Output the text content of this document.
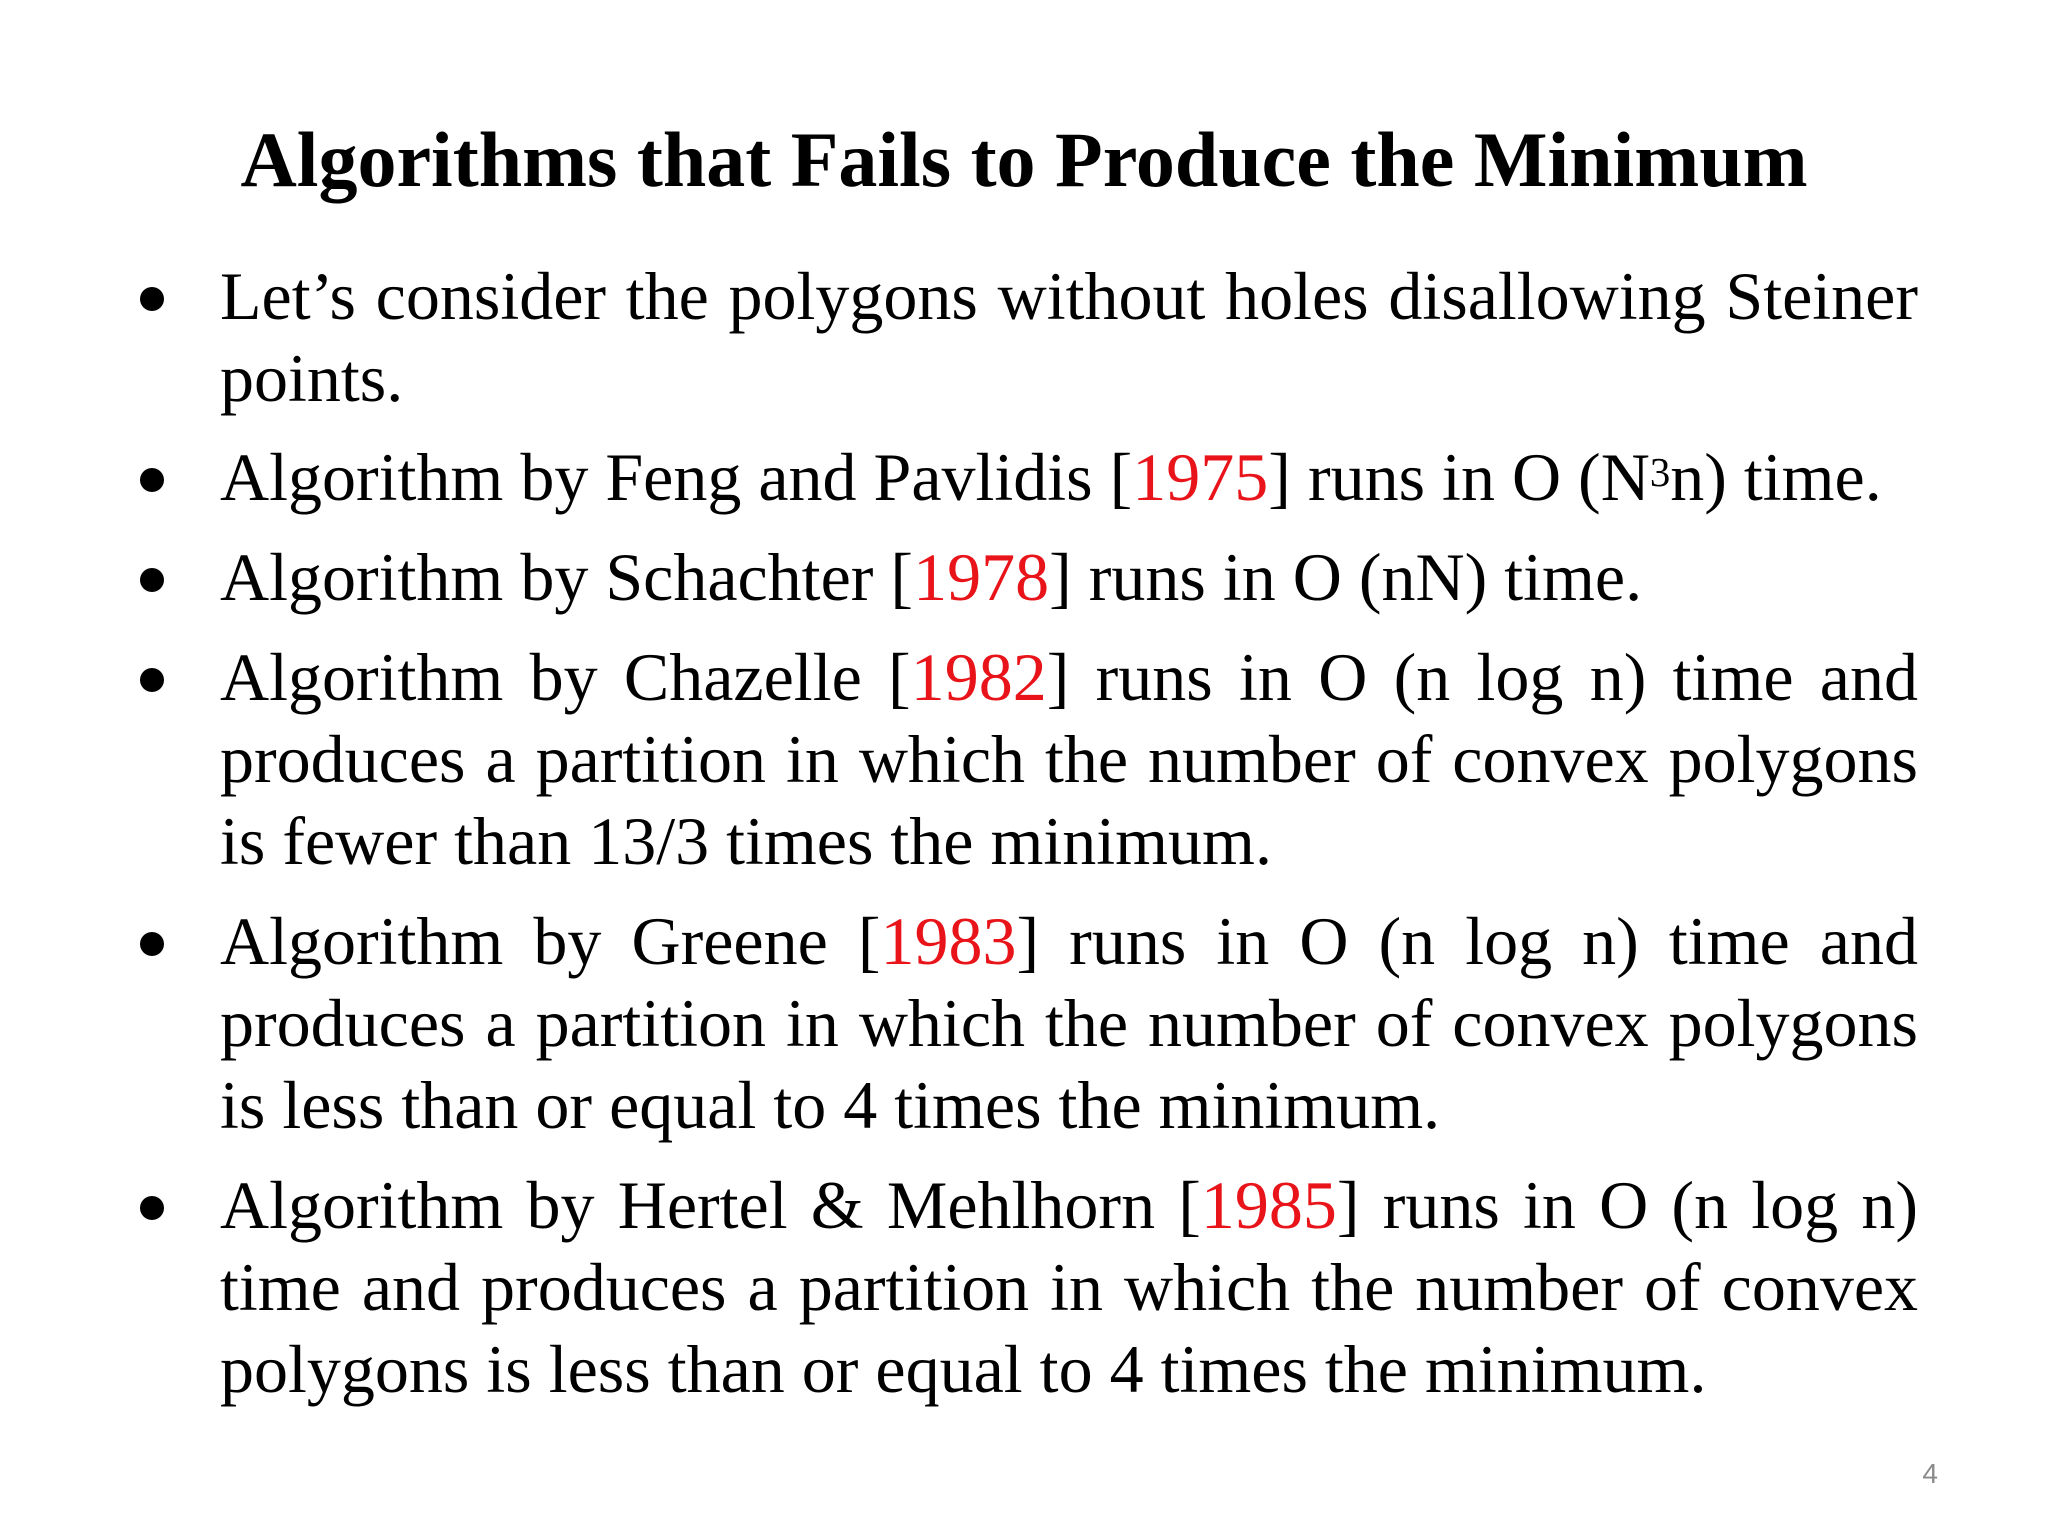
Algorithms that Fails to Produce the Minimum
Let’s consider the polygons without holes disallowing Steiner points.
Algorithm by Feng and Pavlidis [1975] runs in O $(N^3n)$ time.
Algorithm by Schachter [1978] runs in O (nN) time.
Algorithm by Chazelle [1982] runs in O (n log n) time and produces a partition in which the number of convex polygons is fewer than 13/3 times the minimum.
Algorithm by Greene [1983] runs in O (n log n) time and produces a partition in which the number of convex polygons is less than or equal to 4 times the minimum.
Algorithm by Hertel & Mehlhorn [1985] runs in O (n log n) time and produces a partition in which the number of convex polygons is less than or equal to 4 times the minimum.
4
